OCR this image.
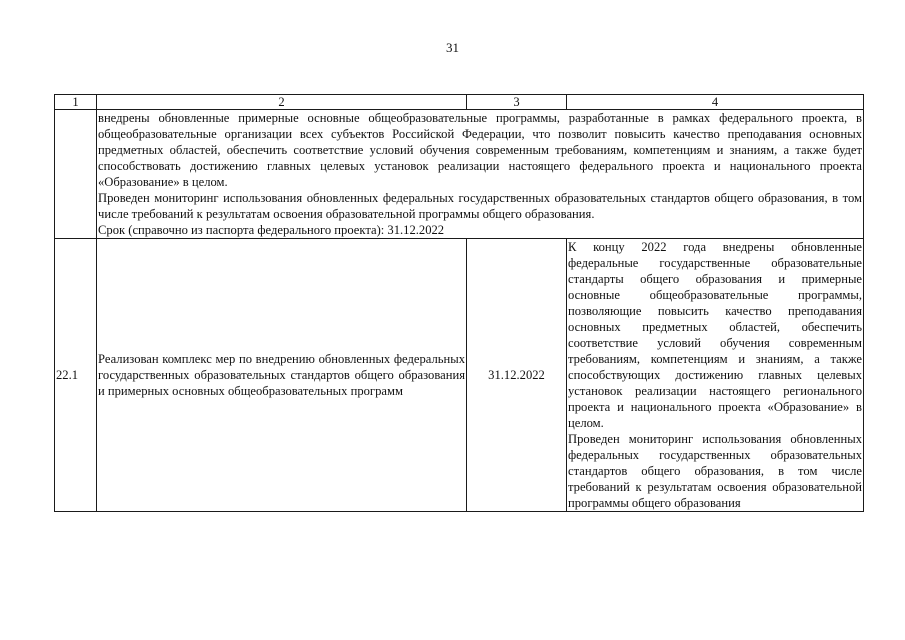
31
1	2	3	4

	внедрены обновленные примерные основные общеобразовательные программы, разработанные в рамках федерального проекта, в общеобразовательные организации всех субъектов Российской Федерации, что позволит повысить качество преподавания основных предметных областей, обеспечить соответствие условий обучения современным требованиям, компетенциям и знаниям, а также будет способствовать достижению главных целевых установок реализации настоящего федерального проекта и национального проекта «Образование» в целом.

Проведен мониторинг использования обновленных федеральных государственных образовательных стандартов общего образования, в том числе требований к результатам освоения образовательной программы общего образования.

Срок (справочно из паспорта федерального проекта): 31.12.2022		

22.1	Реализован комплекс мер по внедрению обновленных федеральных государственных образовательных стандартов общего образования и примерных основных общеобразовательных программ	31.12.2022	К концу 2022 года внедрены обновленные федеральные государственные образовательные стандарты общего образования и примерные основные общеобразовательные программы, позволяющие повысить качество преподавания основных предметных областей, обеспечить соответствие условий обучения современным требованиям, компетенциям и знаниям, а также способствующих достижению главных целевых установок реализации настоящего регионального проекта и национального проекта «Образование» в целом.

Проведен мониторинг использования обновленных федеральных государственных образовательных стандартов общего образования, в том числе требований к результатам освоения образовательной программы общего образования
